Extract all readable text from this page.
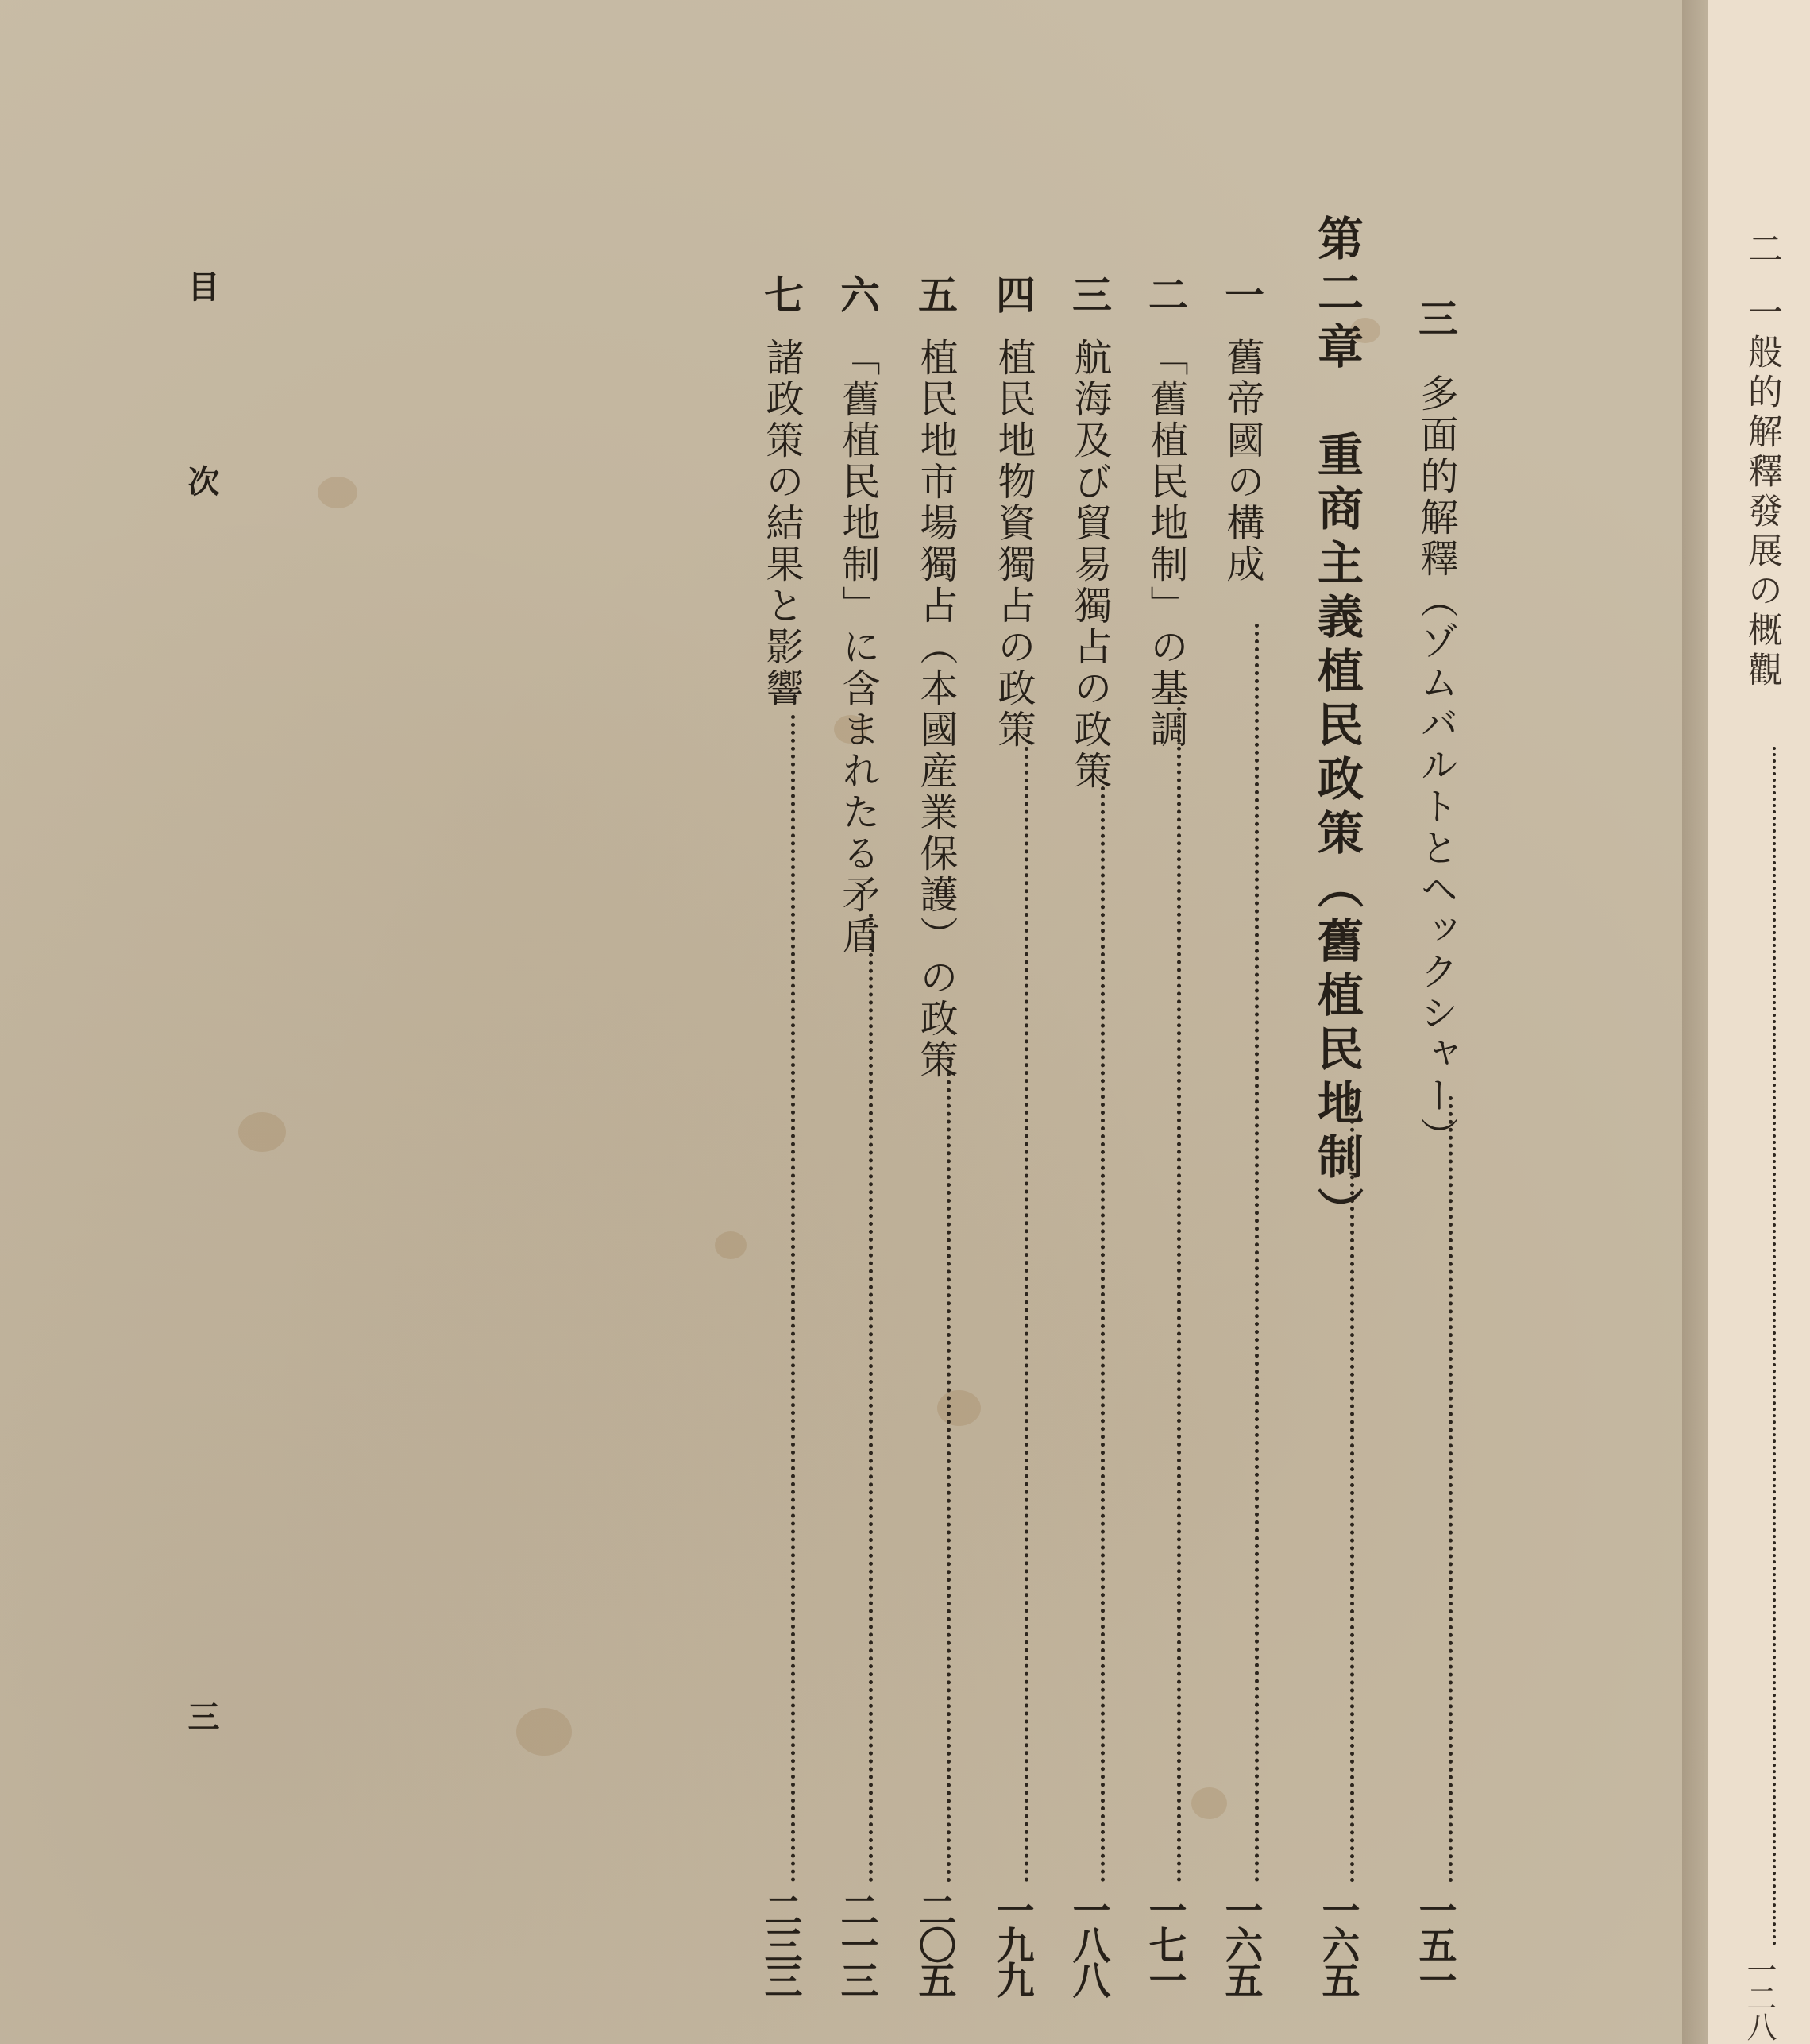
目
次
三
三
多面的解釋（ゾムバルトとヘックシャー）
一五一
第二章　重商主義植民政策（舊植民地制）
一六五
一
舊帝國の構成
一六五
二
「舊植民地制」の基調
一七一
三
航海及び貿易獨占の政策
一八八
四
植民地物資獨占の政策
一九九
五
植民地市場獨占（本國産業保護）の政策
二〇五
六
「舊植民地制」に含まれたる矛盾
二一三
七
諸政策の結果と影響
二三三
二
一般的解釋發展の概觀
一二八
